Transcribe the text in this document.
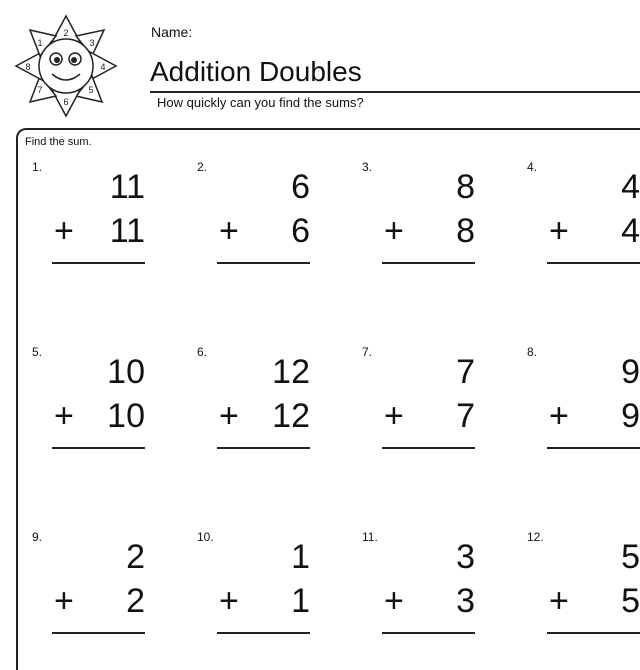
2
3
4
5
6
7
8
1
Name:
Addition Doubles
How quickly can you find the sums?
Find the sum.
1.
11
+ 11
2.
6
+ 6
3.
8
+ 8
4.
4
+ 4
5.
10
+ 10
6.
12
+ 12
7.
7
+ 7
8.
9
+ 9
9.
2
+ 2
10.
1
+ 1
11.
3
+ 3
12.
5
+ 5
